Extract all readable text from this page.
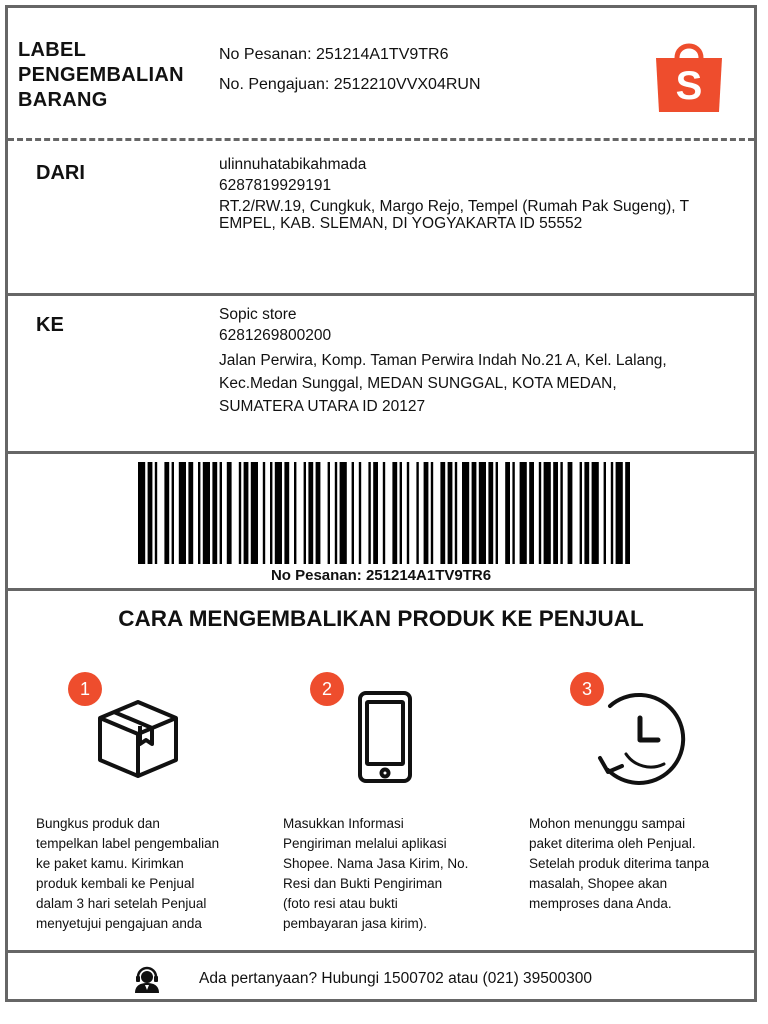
LABEL
PENGEMBALIAN
BARANG
No Pesanan: 251214A1TV9TR6
No. Pengajuan: 2512210VVX04RUN	S
DARI	ulinnuhatabikahmada
6287819929191
RT.2/RW.19, Cungkuk, Margo Rejo, Tempel (Rumah Pak Sugeng), T
EMPEL, KAB. SLEMAN, DI YOGYAKARTA ID 55552
KE	Sopic store
6281269800200
Jalan Perwira, Komp. Taman Perwira Indah No.21 A, Kel. Lalang,
Kec.Medan Sunggal, MEDAN SUNGGAL, KOTA MEDAN,
SUMATERA UTARA ID 20127
No Pesanan: 251214A1TV9TR6
CARA MENGEMBALIKAN PRODUK KE PENJUAL
1
Bungkus produk dan
tempelkan label pengembalian
ke paket kamu. Kirimkan
produk kembali ke Penjual
dalam 3 hari setelah Penjual
menyetujui pengajuan anda
2
Masukkan Informasi
Pengiriman melalui aplikasi
Shopee. Nama Jasa Kirim, No.
Resi dan Bukti Pengiriman
(foto resi atau bukti
pembayaran jasa kirim).
3
Mohon menunggu sampai
paket diterima oleh Penjual.
Setelah produk diterima tanpa
masalah, Shopee akan
memproses dana Anda.
Ada pertanyaan? Hubungi 1500702 atau (021) 39500300
